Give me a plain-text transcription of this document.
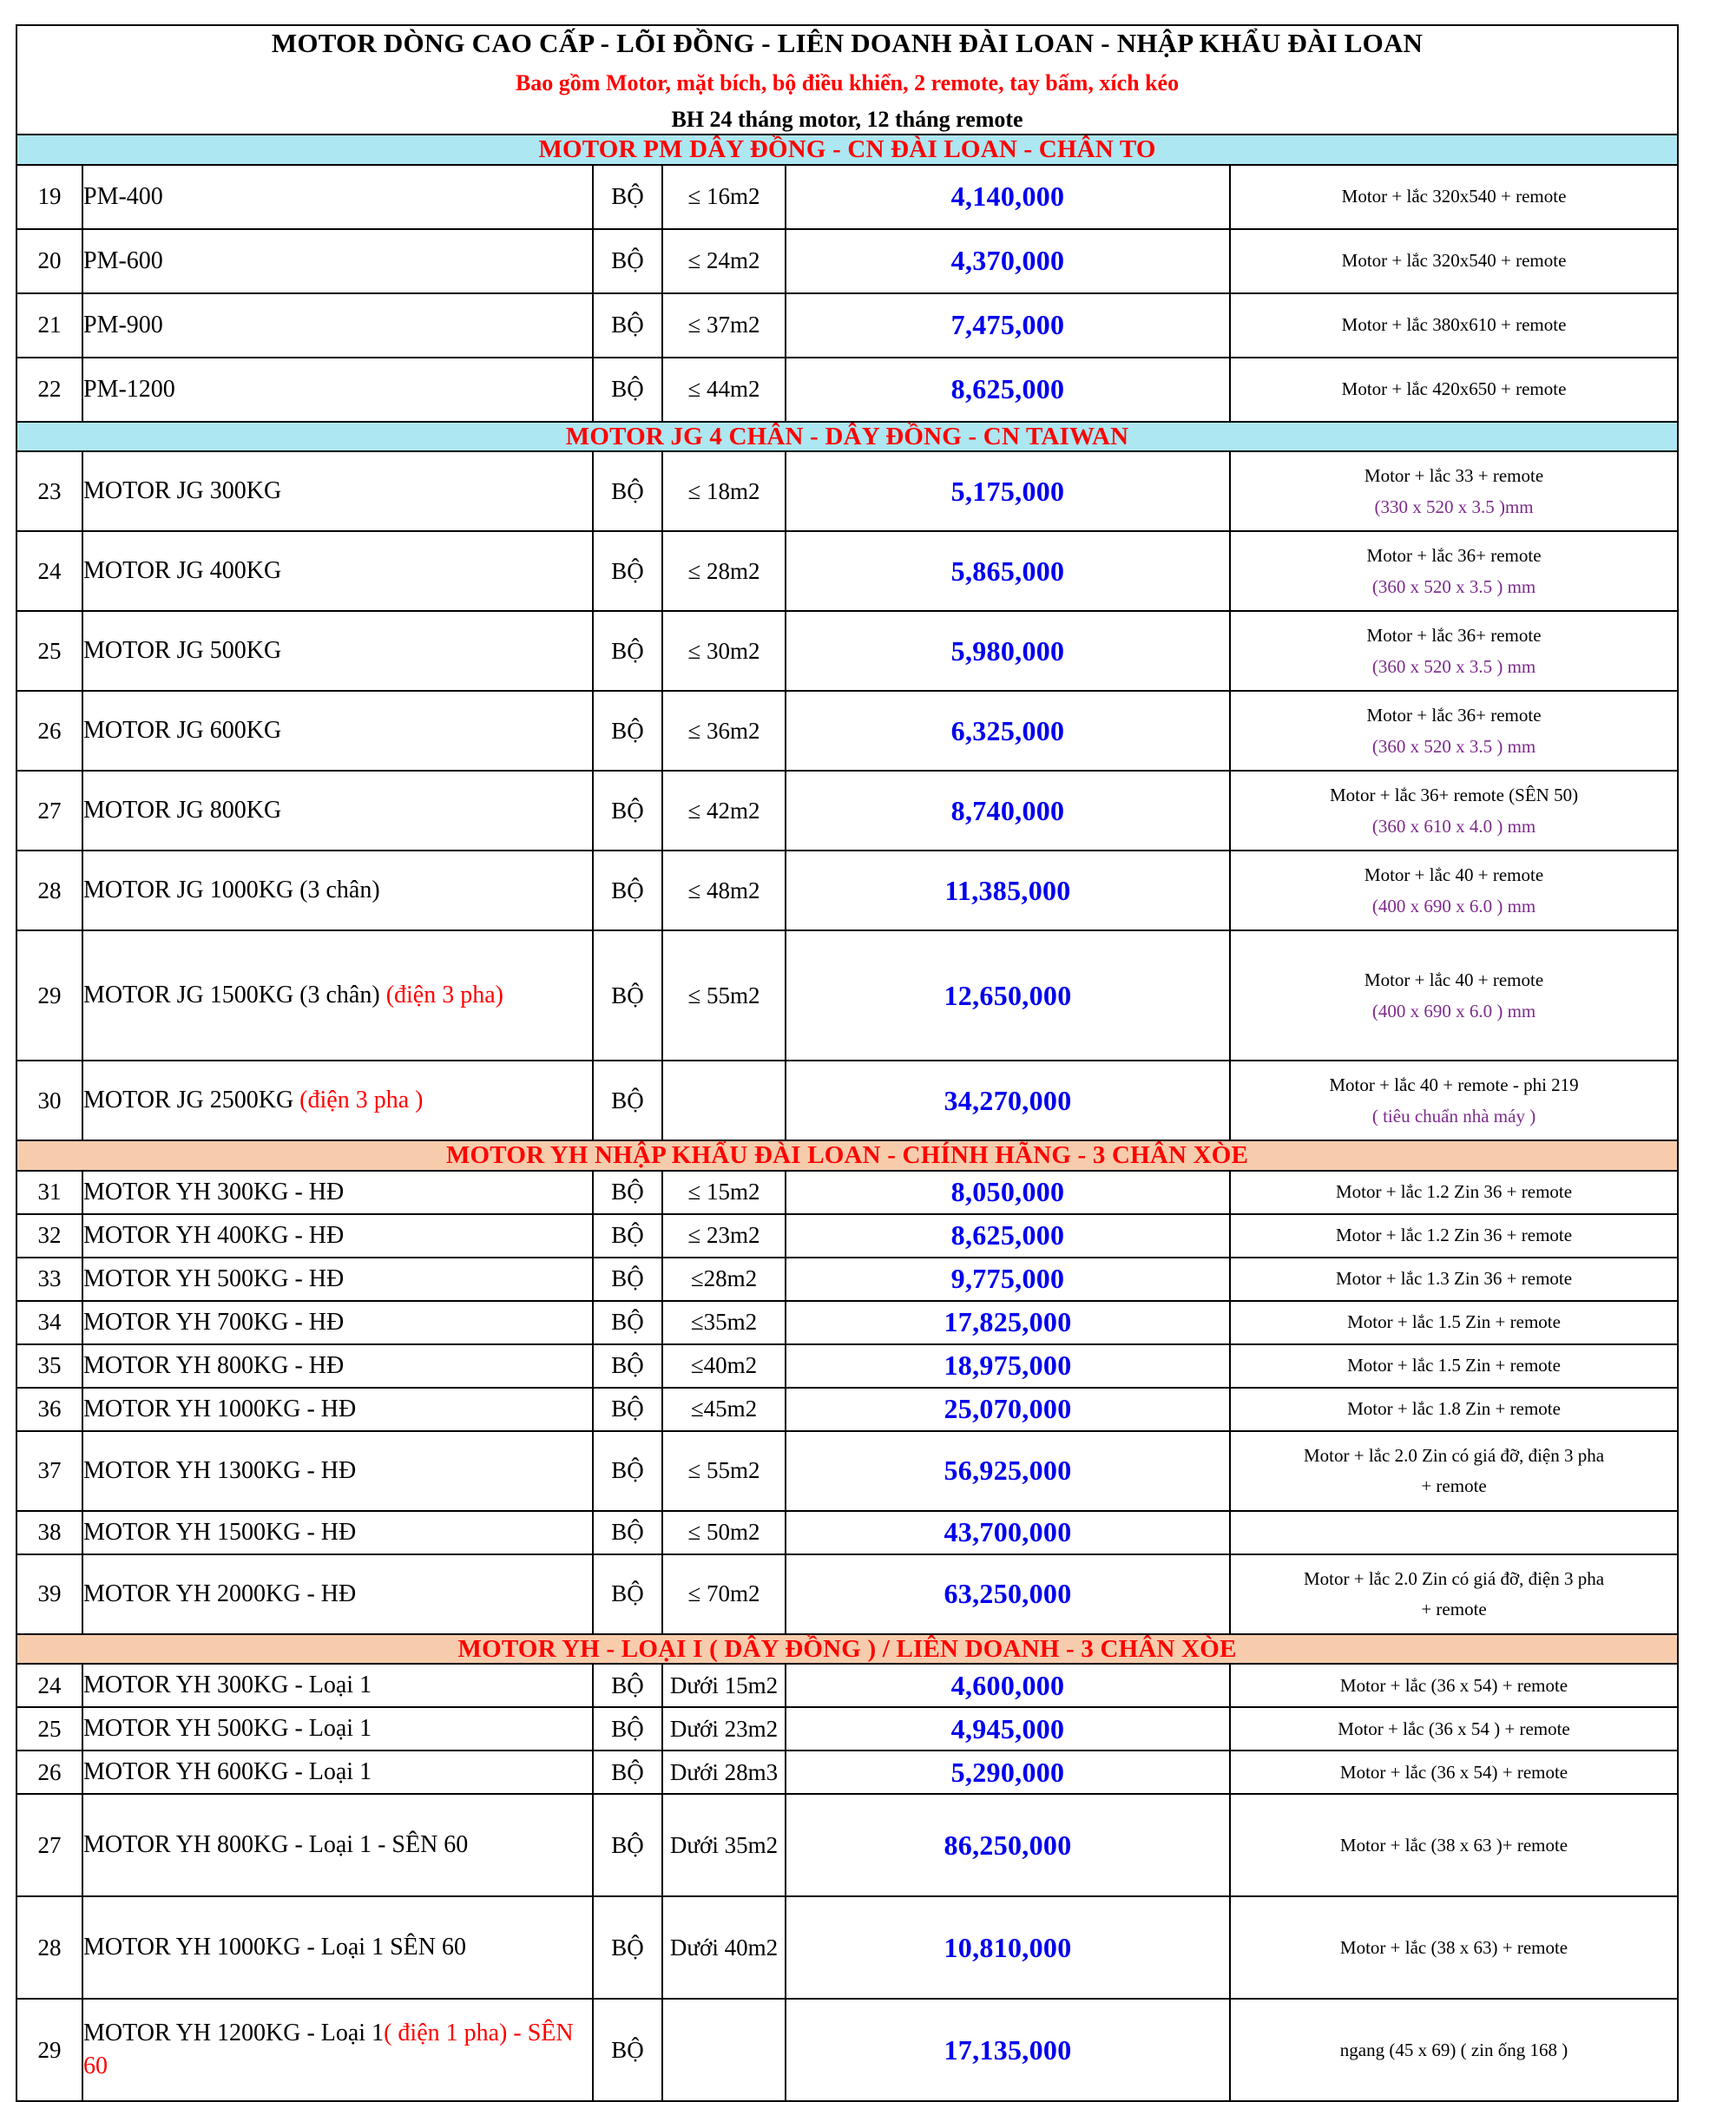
MOTOR DÒNG CAO CẤP - LÕI ĐỒNG - LIÊN DOANH ĐÀI LOAN - NHẬP KHẨU ĐÀI LOAN
Bao gồm Motor, mặt bích, bộ điều khiển, 2 remote, tay bấm, xích kéo
BH 24 tháng motor, 12 tháng remote					

MOTOR PM DÂY ĐỒNG - CN ĐÀI LOAN - CHÂN TO					

19	PM-400	BỘ	≤ 16m2	4,140,000	Motor + lắc 320x540 + remote
20	PM-600	BỘ	≤ 24m2	4,370,000	Motor + lắc 320x540 + remote
21	PM-900	BỘ	≤ 37m2	7,475,000	Motor + lắc 380x610 + remote
22	PM-1200	BỘ	≤ 44m2	8,625,000	Motor + lắc 420x650 + remote

MOTOR JG 4 CHÂN - DÂY ĐỒNG - CN TAIWAN					

23	MOTOR JG 300KG	BỘ	≤ 18m2	5,175,000	Motor + lắc 33 + remote
(330 x 520 x 3.5 )mm

24	MOTOR JG 400KG	BỘ	≤ 28m2	5,865,000	Motor + lắc 36+ remote
(360 x 520 x 3.5 ) mm

25	MOTOR JG 500KG	BỘ	≤ 30m2	5,980,000	Motor + lắc 36+ remote
(360 x 520 x 3.5 ) mm

26	MOTOR JG 600KG	BỘ	≤ 36m2	6,325,000	Motor + lắc 36+ remote
(360 x 520 x 3.5 ) mm

27	MOTOR JG 800KG	BỘ	≤ 42m2	8,740,000	Motor + lắc 36+ remote (SÊN 50)
(360 x 610 x 4.0 ) mm

28	MOTOR JG 1000KG (3 chân)	BỘ	≤ 48m2	11,385,000	Motor + lắc 40 + remote
(400 x 690 x 6.0 ) mm

29	MOTOR JG 1500KG (3 chân) (điện 3 pha)	BỘ	≤ 55m2	12,650,000	Motor + lắc 40 + remote
(400 x 690 x 6.0 ) mm

30	MOTOR JG 2500KG (điện 3 pha )	BỘ		34,270,000	Motor + lắc 40 + remote - phi 219
( tiêu chuẩn nhà máy )

MOTOR YH NHẬP KHẨU ĐÀI LOAN - CHÍNH HÃNG - 3 CHÂN XÒE					

31	MOTOR YH 300KG - HĐ	BỘ	≤ 15m2	8,050,000	Motor + lắc 1.2 Zin 36 + remote
32	MOTOR YH 400KG - HĐ	BỘ	≤ 23m2	8,625,000	Motor + lắc 1.2 Zin 36 + remote
33	MOTOR YH 500KG - HĐ	BỘ	≤28m2	9,775,000	Motor + lắc 1.3 Zin 36 + remote
34	MOTOR YH 700KG - HĐ	BỘ	≤35m2	17,825,000	Motor + lắc 1.5 Zin + remote
35	MOTOR YH 800KG - HĐ	BỘ	≤40m2	18,975,000	Motor + lắc 1.5 Zin + remote
36	MOTOR YH 1000KG - HĐ	BỘ	≤45m2	25,070,000	Motor + lắc 1.8 Zin + remote
37	MOTOR YH 1300KG - HĐ	BỘ	≤ 55m2	56,925,000	Motor + lắc 2.0 Zin có giá đỡ, điện 3 pha
+ remote

38	MOTOR YH 1500KG - HĐ	BỘ	≤ 50m2	43,700,000	
39	MOTOR YH 2000KG - HĐ	BỘ	≤ 70m2	63,250,000	Motor + lắc 2.0 Zin có giá đỡ, điện 3 pha
+ remote

MOTOR YH - LOẠI I ( DÂY ĐỒNG ) / LIÊN DOANH - 3 CHÂN XÒE					

24	MOTOR YH 300KG - Loại 1	BỘ	Dưới 15m2	4,600,000	Motor + lắc (36 x 54) + remote
25	MOTOR YH 500KG - Loại 1	BỘ	Dưới 23m2	4,945,000	Motor + lắc (36 x 54 ) + remote
26	MOTOR YH 600KG - Loại 1	BỘ	Dưới 28m3	5,290,000	Motor + lắc (36 x 54) + remote
27	MOTOR YH 800KG - Loại 1 - SÊN 60	BỘ	Dưới 35m2	86,250,000	Motor + lắc (38 x 63 )+ remote
28	MOTOR YH 1000KG - Loại 1 SÊN 60	BỘ	Dưới 40m2	10,810,000	Motor + lắc (38 x 63) + remote
29	MOTOR YH 1200KG - Loại 1( điện 1 pha) - SÊN 60	BỘ		17,135,000	ngang (45 x 69) ( zin ống 168 )
